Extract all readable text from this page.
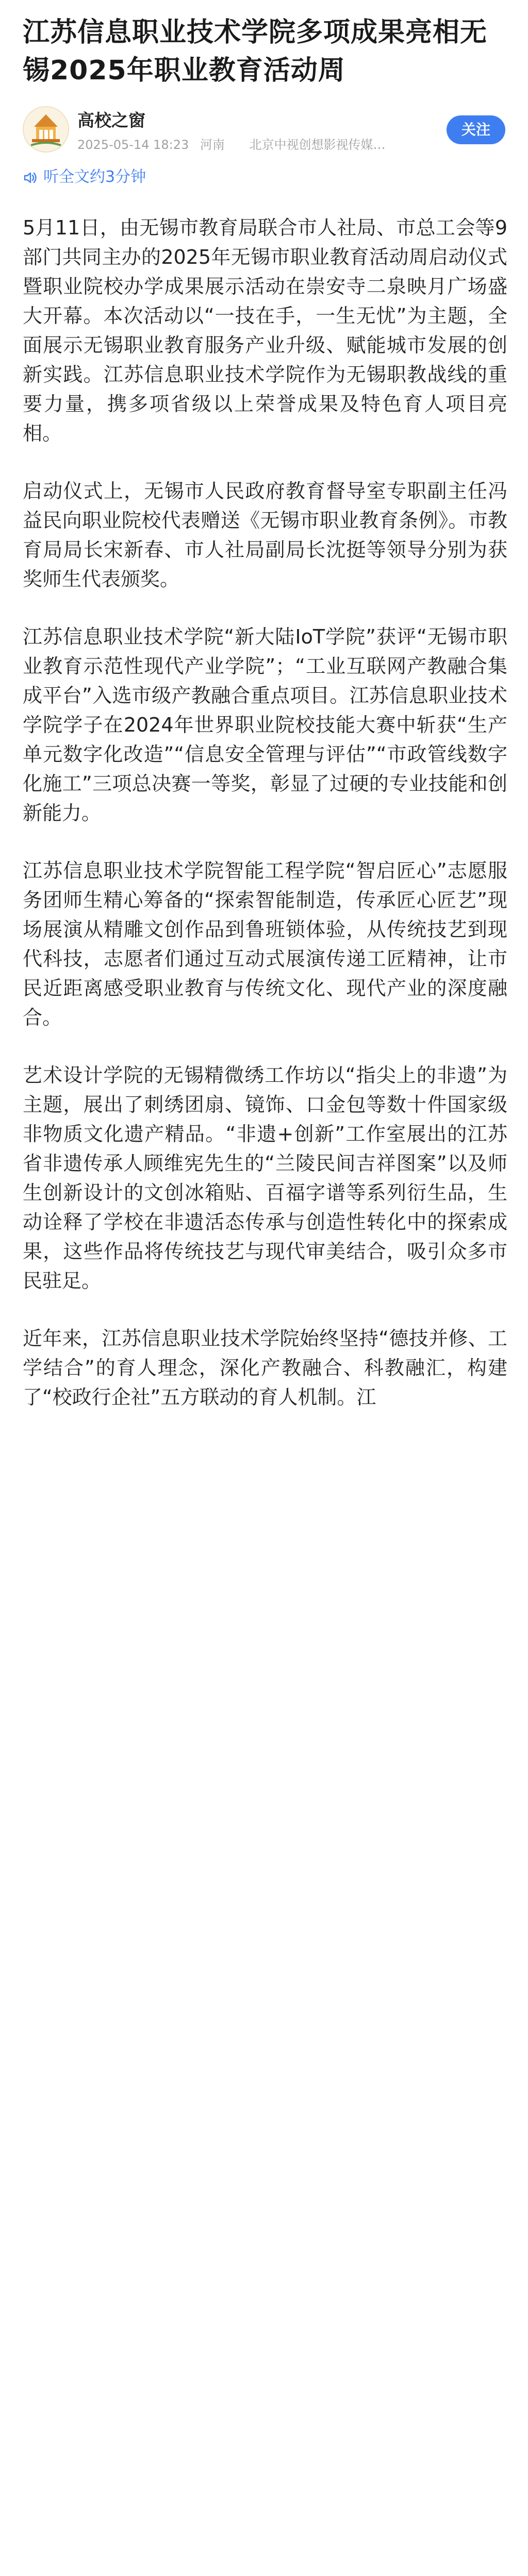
江苏信息职业技术学院多项成果亮相无锡2025年职业教育活动周
高校之窗
2025-05-14 18:23 河南 北京中视创想影视传媒…
关注
听全文约3分钟

5月11日，由无锡市教育局联合市人社局、市总工会等9部门共同主办的2025年无锡市职业教育活动周启动仪式暨职业院校办学成果展示活动在崇安寺二泉映月广场盛大开幕。本次活动以“一技在手，一生无忧”为主题，全面展示无锡职业教育服务产业升级、赋能城市发展的创新实践。江苏信息职业技术学院作为无锡职教战线的重要力量，携多项省级以上荣誉成果及特色育人项目亮相。

启动仪式上，无锡市人民政府教育督导室专职副主任冯益民向职业院校代表赠送《无锡市职业教育条例》。市教育局局长宋新春、市人社局副局长沈挺等领导分别为获奖师生代表颁奖。

江苏信息职业技术学院“新大陆IoT学院”获评“无锡市职业教育示范性现代产业学院”；“工业互联网产教融合集成平台”入选市级产教融合重点项目。江苏信息职业技术学院学子在2024年世界职业院校技能大赛中斩获“生产单元数字化改造”“信息安全管理与评估”“市政管线数字化施工”三项总决赛一等奖，彰显了过硬的专业技能和创新能力。

江苏信息职业技术学院智能工程学院“智启匠心”志愿服务团师生精心筹备的“探索智能制造，传承匠心匠艺”现场展演从精雕文创作品到鲁班锁体验，从传统技艺到现代科技，志愿者们通过互动式展演传递工匠精神，让市民近距离感受职业教育与传统文化、现代产业的深度融合。

艺术设计学院的无锡精微绣工作坊以“指尖上的非遗”为主题，展出了刺绣团扇、镜饰、口金包等数十件国家级非物质文化遗产精品。“非遗+创新”工作室展出的江苏省非遗传承人顾维宪先生的“兰陵民间吉祥图案”以及师生创新设计的文创冰箱贴、百福字谱等系列衍生品，生动诠释了学校在非遗活态传承与创造性转化中的探索成果，这些作品将传统技艺与现代审美结合，吸引众多市民驻足。

近年来，江苏信息职业技术学院始终坚持“德技并修、工学结合”的育人理念，深化产教融合、科教融汇，构建了“校政行企社”五方联动的育人机制。江
